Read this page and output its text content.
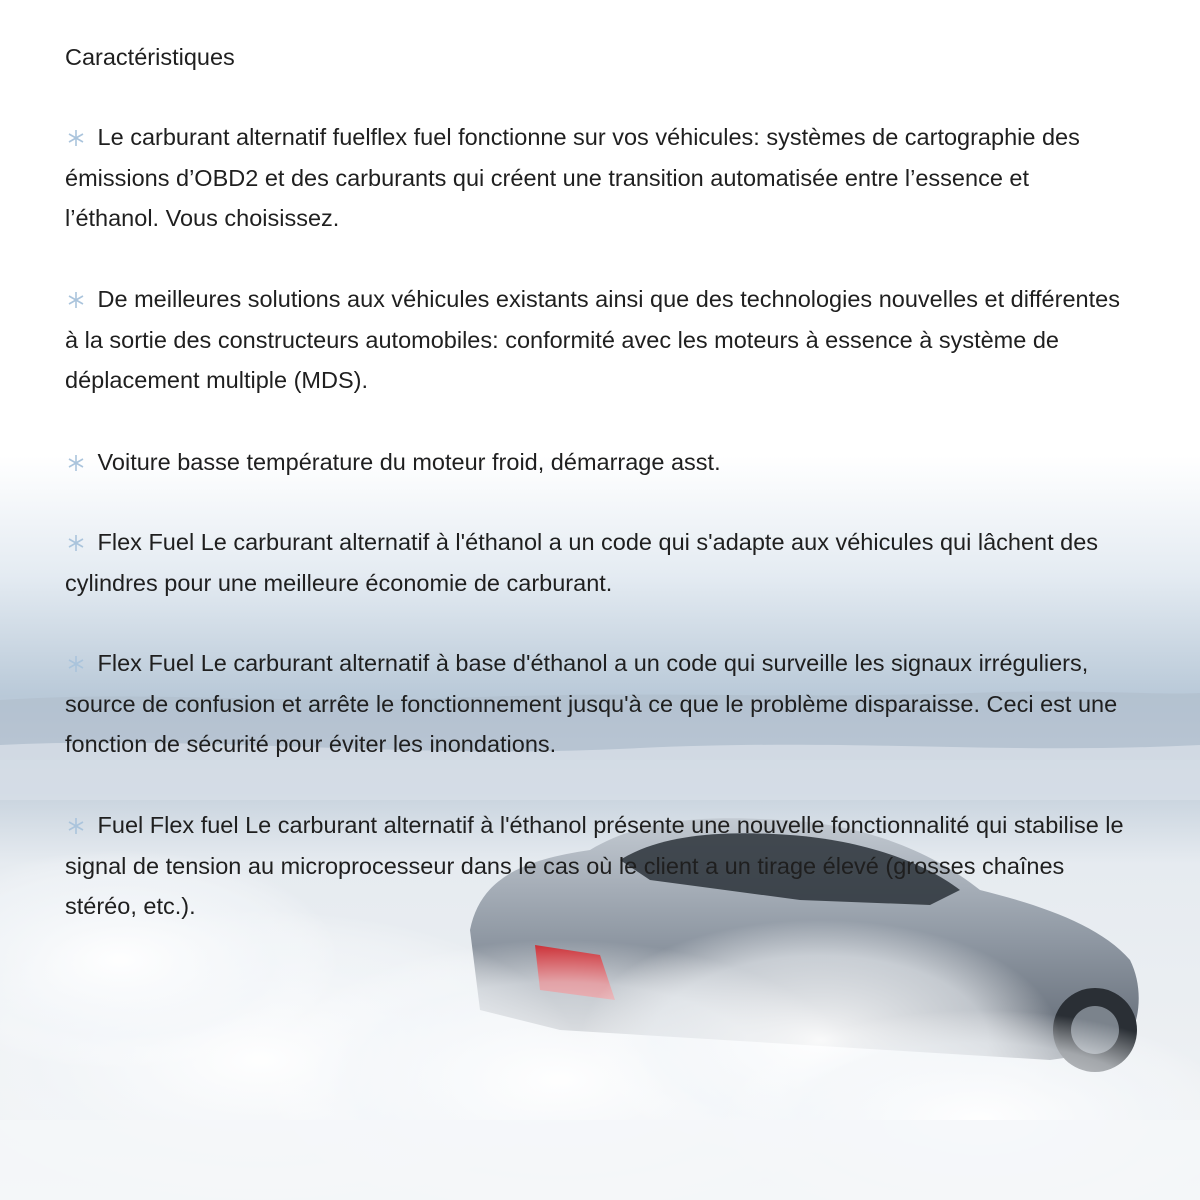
Caractéristiques

Le carburant alternatif fuelflex fuel fonctionne sur vos véhicules: systèmes de cartographie des émissions d’OBD2 et des carburants qui créent une transition automatisée entre l’essence et l’éthanol. Vous choisissez.

De meilleures solutions aux véhicules existants ainsi que des technologies nouvelles et différentes à la sortie des constructeurs automobiles: conformité avec les moteurs à essence à système de déplacement multiple (MDS).

Voiture basse température du moteur froid, démarrage asst.

Flex Fuel Le carburant alternatif à l'éthanol a un code qui s'adapte aux véhicules qui lâchent des cylindres pour une meilleure économie de carburant.

Flex Fuel Le carburant alternatif à base d'éthanol a un code qui surveille les signaux irréguliers, source de confusion et arrête le fonctionnement jusqu'à ce que le problème disparaisse. Ceci est une fonction de sécurité pour éviter les inondations.

Fuel Flex fuel Le carburant alternatif à l'éthanol présente une nouvelle fonctionnalité qui stabilise le signal de tension au microprocesseur dans le cas où le client a un tirage élevé (grosses chaînes stéréo, etc.).
